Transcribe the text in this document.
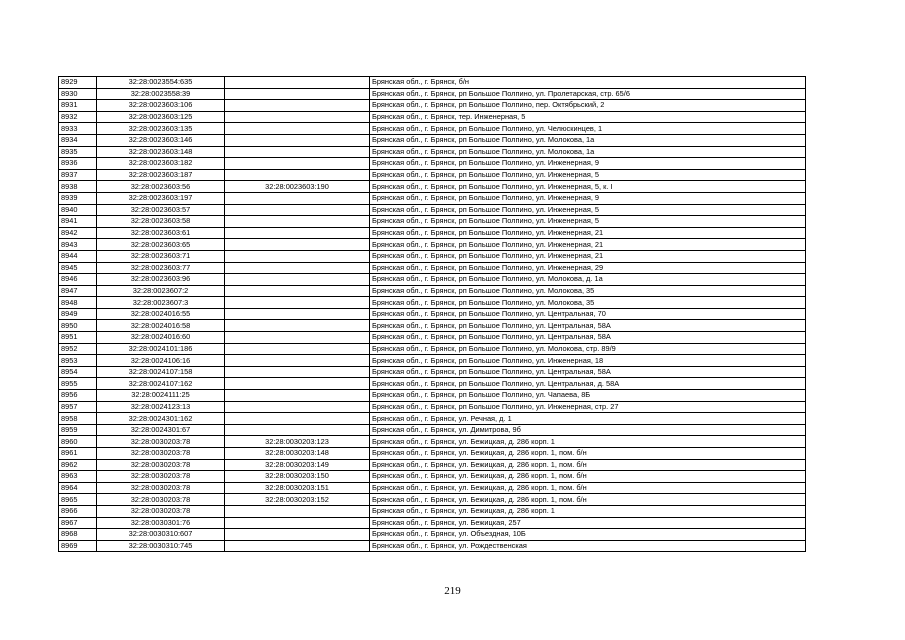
8929	32:28:0023554:635		Брянская обл., г. Брянск, б/н
8930	32:28:0023558:39		Брянская обл., г. Брянск, рп Большое Полпино, ул. Пролетарская, стр. 65/6
8931	32:28:0023603:106		Брянская обл., г. Брянск, рп Большое Полпино, пер. Октябрьский, 2
8932	32:28:0023603:125		Брянская обл., г. Брянск, тер. Инженерная, 5
8933	32:28:0023603:135		Брянская обл., г. Брянск, рп Большое Полпино, ул. Челюскинцев, 1
8934	32:28:0023603:146		Брянская обл., г. Брянск, рп Большое Полпино, ул. Молокова, 1а
8935	32:28:0023603:148		Брянская обл., г. Брянск, рп Большое Полпино, ул. Молокова, 1а
8936	32:28:0023603:182		Брянская обл., г. Брянск, рп Большое Полпино, ул. Инженерная, 9
8937	32:28:0023603:187		Брянская обл., г. Брянск, рп Большое Полпино, ул. Инженерная, 5
8938	32:28:0023603:56	32:28:0023603:190	Брянская обл., г. Брянск, рп Большое Полпино, ул. Инженерная, 5, к. I
8939	32:28:0023603:197		Брянская обл., г. Брянск, рп Большое Полпино, ул. Инженерная, 9
8940	32:28:0023603:57		Брянская обл., г. Брянск, рп Большое Полпино, ул. Инженерная, 5
8941	32:28:0023603:58		Брянская обл., г. Брянск, рп Большое Полпино, ул. Инженерная, 5
8942	32:28:0023603:61		Брянская обл., г. Брянск, рп Большое Полпино, ул. Инженерная, 21
8943	32:28:0023603:65		Брянская обл., г. Брянск, рп Большое Полпино, ул. Инженерная, 21
8944	32:28:0023603:71		Брянская обл., г. Брянск, рп Большое Полпино, ул. Инженерная, 21
8945	32:28:0023603:77		Брянская обл., г. Брянск, рп Большое Полпино, ул. Инженерная, 29
8946	32:28:0023603:96		Брянская обл., г. Брянск, рп Большое Полпино, ул. Молокова, д. 1а
8947	32:28:0023607:2		Брянская обл., г. Брянск, рп Большое Полпино, ул. Молокова, 35
8948	32:28:0023607:3		Брянская обл., г. Брянск, рп Большое Полпино, ул. Молокова, 35
8949	32:28:0024016:55		Брянская обл., г. Брянск, рп Большое Полпино, ул. Центральная, 70
8950	32:28:0024016:58		Брянская обл., г. Брянск, рп Большое Полпино, ул. Центральная, 58А
8951	32:28:0024016:60		Брянская обл., г. Брянск, рп Большое Полпино, ул. Центральная, 58А
8952	32:28:0024101:186		Брянская обл., г. Брянск, рп Большое Полпино, ул. Молокова, стр. 89/9
8953	32:28:0024106:16		Брянская обл., г. Брянск, рп Большое Полпино, ул. Инженерная, 18
8954	32:28:0024107:158		Брянская обл., г. Брянск, рп Большое Полпино, ул. Центральная, 58А
8955	32:28:0024107:162		Брянская обл., г. Брянск, рп Большое Полпино, ул. Центральная, д. 58А
8956	32:28:0024111:25		Брянская обл., г. Брянск, рп Большое Полпино, ул. Чапаева, 8Б
8957	32:28:0024123:13		Брянская обл., г. Брянск, рп Большое Полпино, ул. Инженерная, стр. 27
8958	32:28:0024301:162		Брянская обл., г. Брянск, ул. Речная, д. 1
8959	32:28:0024301:67		Брянская обл., г. Брянск, ул. Димитрова, 9б
8960	32:28:0030203:78	32:28:0030203:123	Брянская обл., г. Брянск, ул. Бежицкая, д. 286 корп. 1
8961	32:28:0030203:78	32:28:0030203:148	Брянская обл., г. Брянск, ул. Бежицкая, д. 286 корп. 1, пом. б/н
8962	32:28:0030203:78	32:28:0030203:149	Брянская обл., г. Брянск, ул. Бежицкая, д. 286 корп. 1, пом. б/н
8963	32:28:0030203:78	32:28:0030203:150	Брянская обл., г. Брянск, ул. Бежицкая, д. 286 корп. 1, пом. б/н
8964	32:28:0030203:78	32:28:0030203:151	Брянская обл., г. Брянск, ул. Бежицкая, д. 286 корп. 1, пом. б/н
8965	32:28:0030203:78	32:28:0030203:152	Брянская обл., г. Брянск, ул. Бежицкая, д. 286 корп. 1, пом. б/н
8966	32:28:0030203:78		Брянская обл., г. Брянск, ул. Бежицкая, д. 286 корп. 1
8967	32:28:0030301:76		Брянская обл., г. Брянск, ул. Бежицкая, 257
8968	32:28:0030310:607		Брянская обл., г. Брянск, ул. Объездная, 10Б
8969	32:28:0030310:745		Брянская обл., г. Брянск, ул. Рождественская
219
